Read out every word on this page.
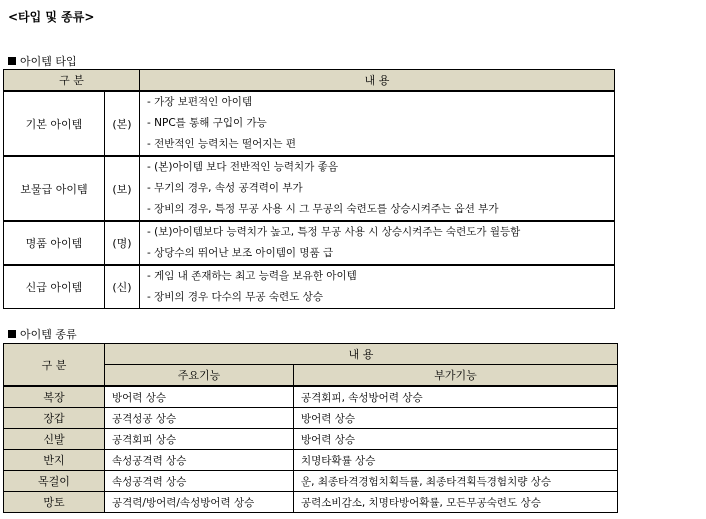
<타입 및 종류>
아이템 타입
구 분		내 용
기본 아이템	(본)	- 가장 보편적인 아이템
- NPC를 통해 구입이 가능
- 전반적인 능력치는 떨어지는 편

보물급 아이템	(보)	- (본)아이템 보다 전반적인 능력치가 좋음
- 무기의 경우, 속성 공격력이 부가
- 장비의 경우, 특정 무공 사용 시 그 무공의 숙련도를 상승시켜주는 옵션 부가

명품 아이템	(명)	- (보)아이템보다 능력치가 높고, 특정 무공 사용 시 상승시켜주는 숙련도가 월등함
- 상당수의 뛰어난 보조 아이템이 명품 급

신급 아이템	(신)	- 게임 내 존재하는 최고 능력을 보유한 아이템
- 장비의 경우 다수의 무공 숙련도 상승
아이템 종류
구 분	내 용	
	주요기능	부가기능
복장	방어력 상승	공격회피, 속성방어력 상승
장갑	공격성공 상승	방어력 상승
신발	공격회피 상승	방어력 상승
반지	속성공격력 상승	치명타확률 상승
목걸이	속성공격력 상승	운, 최종타격경험치획득률, 최종타격획득경험치량 상승
망토	공격력/방어력/속성방어력 상승	공력소비감소, 치명타방어확률, 모든무공숙련도 상승
